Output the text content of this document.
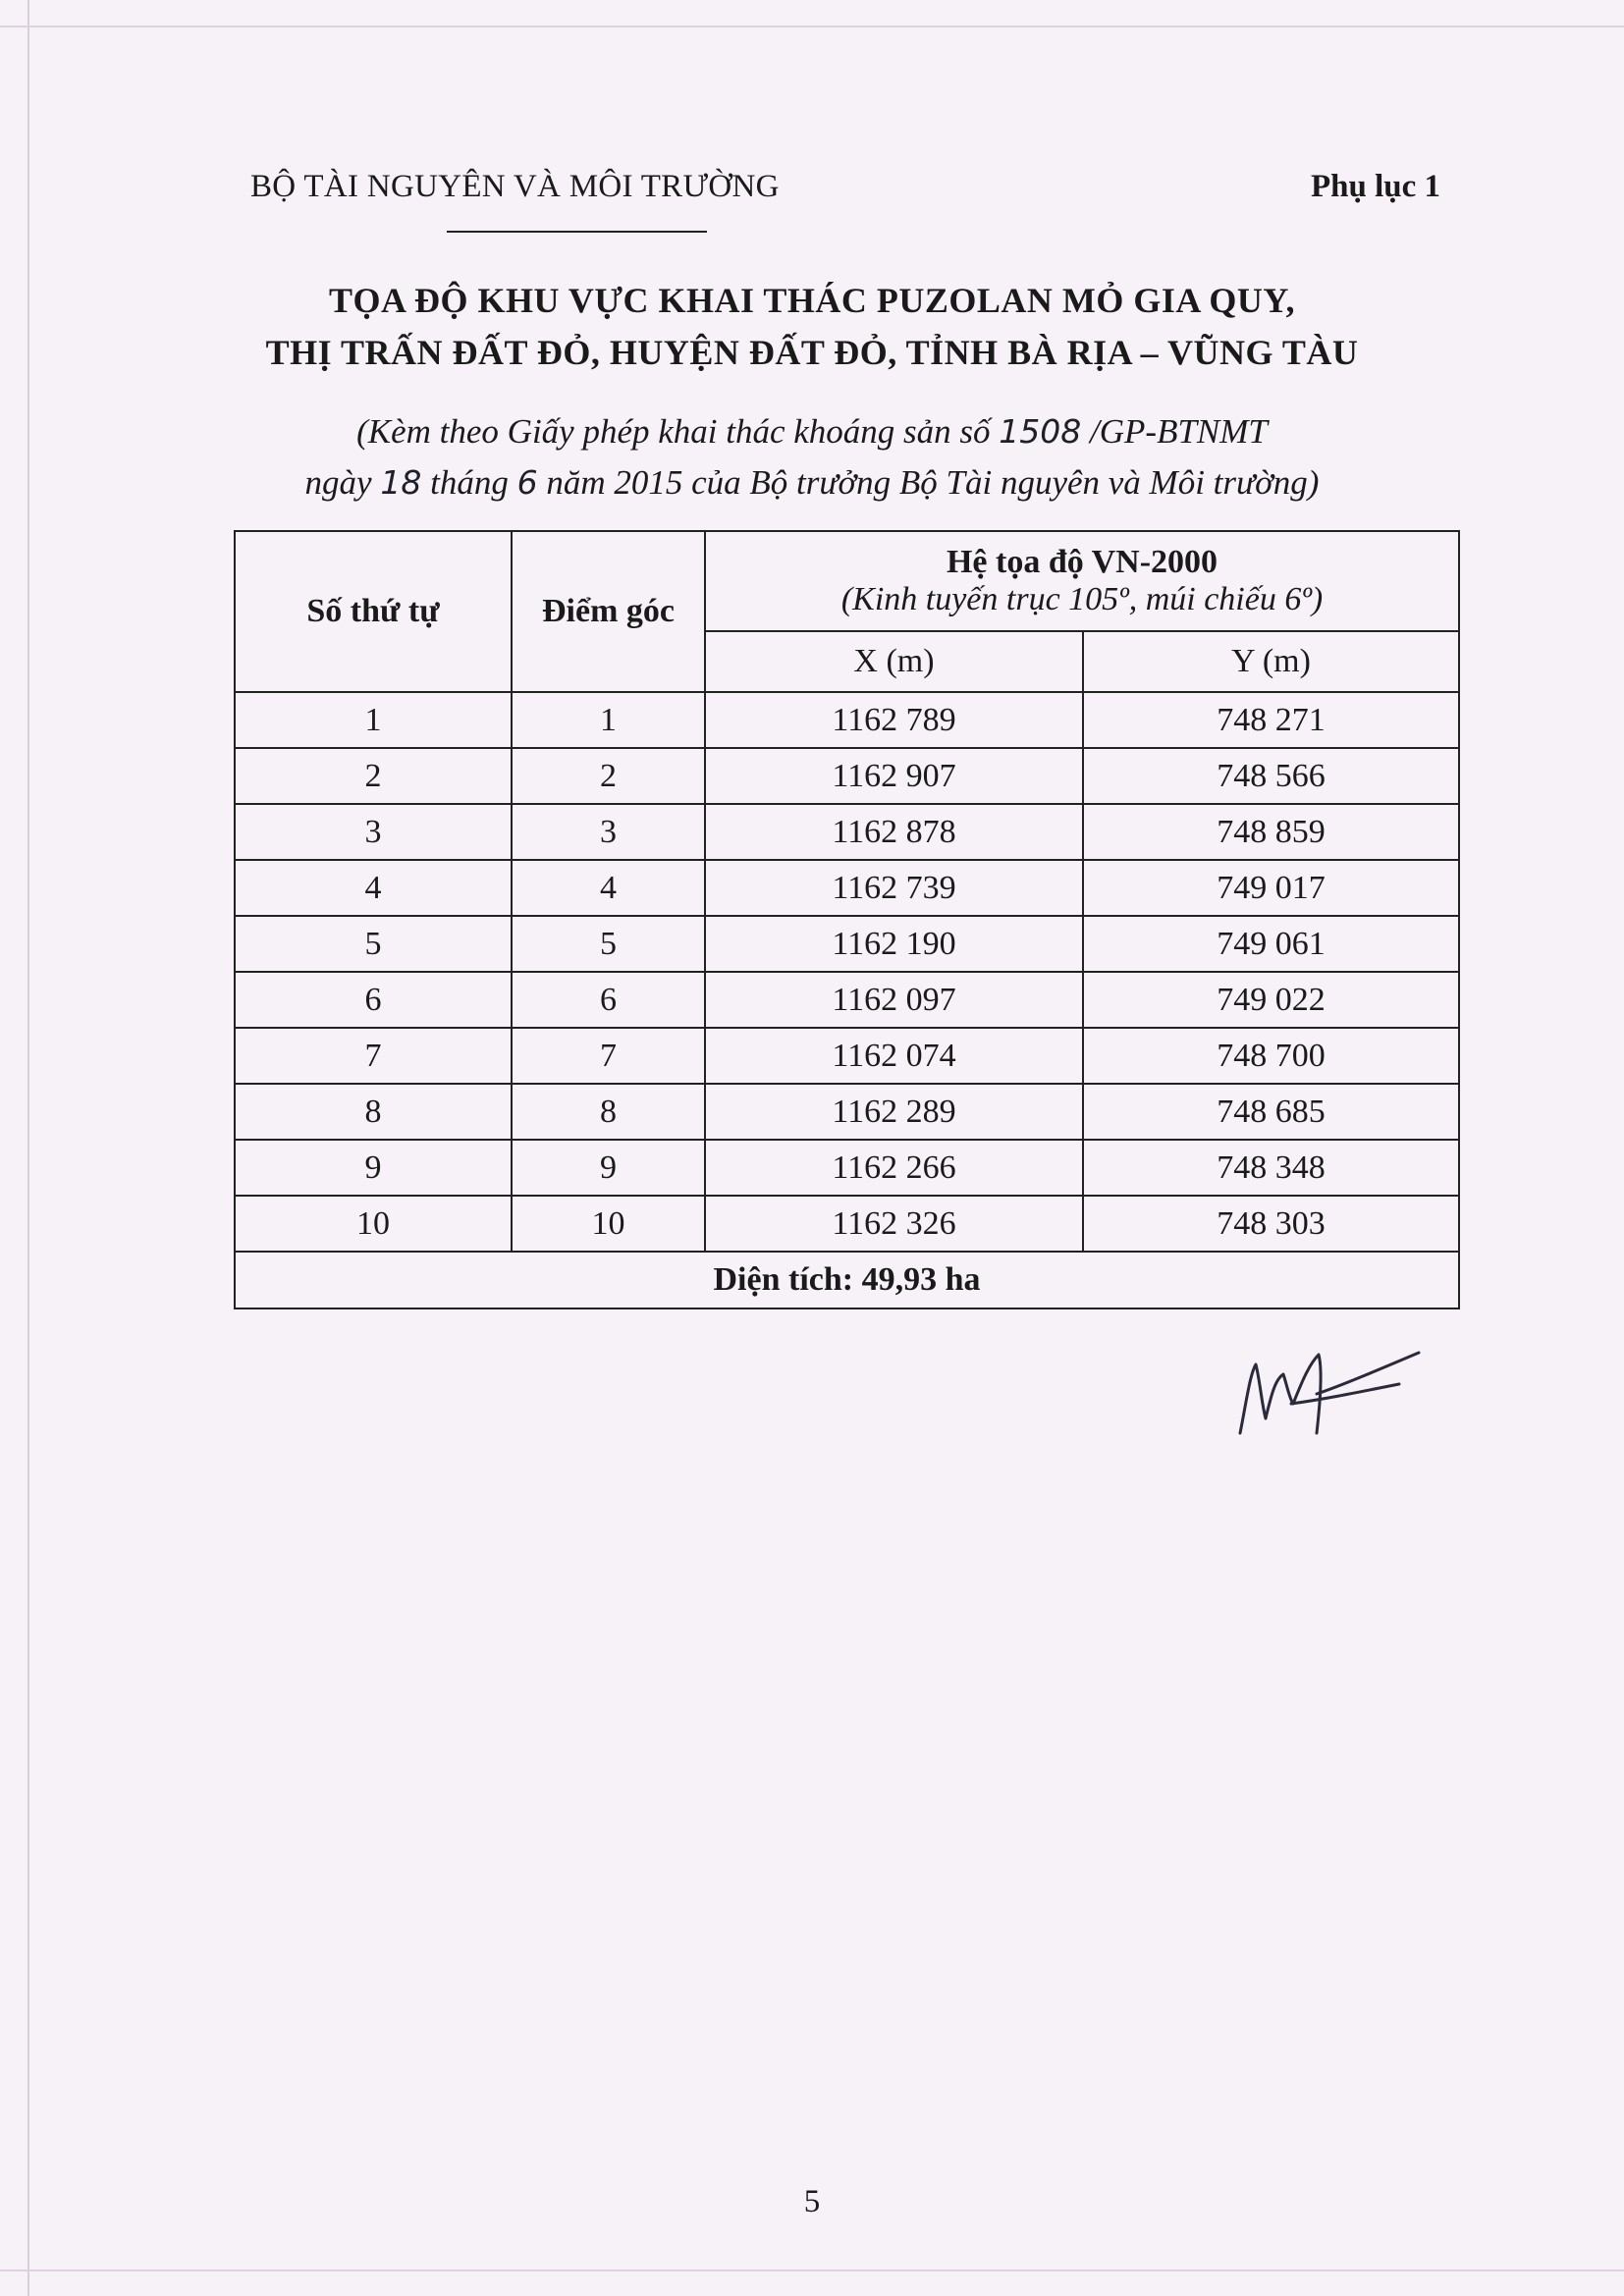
BỘ TÀI NGUYÊN VÀ MÔI TRƯỜNG	Phụ lục 1
TỌA ĐỘ KHU VỰC KHAI THÁC PUZOLAN MỎ GIA QUY,
THỊ TRẤN ĐẤT ĐỎ, HUYỆN ĐẤT ĐỎ, TỈNH BÀ RỊA – VŨNG TÀU
(Kèm theo Giấy phép khai thác khoáng sản số 1508 /GP-BTNMT
ngày 18 tháng 6 năm 2015 của Bộ trưởng Bộ Tài nguyên và Môi trường)
Số thứ tự	Điểm góc	Hệ tọa độ VN-2000
(Kinh tuyến trục 105º, múi chiếu 6º)	

		X (m)	Y (m)
1	1	1162 789	748 271
2	2	1162 907	748 566
3	3	1162 878	748 859
4	4	1162 739	749 017
5	5	1162 190	749 061
6	6	1162 097	749 022
7	7	1162 074	748 700
8	8	1162 289	748 685
9	9	1162 266	748 348
10	10	1162 326	748 303
Diện tích: 49,93 ha			
5
